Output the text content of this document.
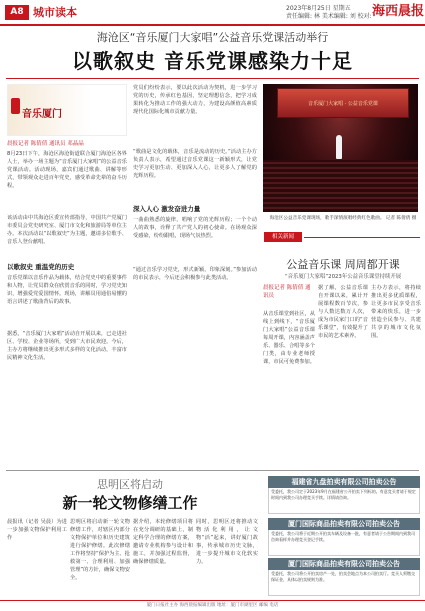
A8 城市读本	2023年8月25日 星期五
责任编辑: 林 美术编辑: 刘 校对: 海西晨报
海沧区“音乐厦门大家唱”公益音乐党课活动举行
以歌叙史 音乐党课感染力十足
音乐厦门
晨报记者 陈倩倩 通讯员 邓晶晶
8月23日下午，海沧区海沧街道联合厦门海沧区各界人士，举办一场主题为“音乐厦门大家唱”的公益音乐党课活动。活动现场，嘉宾们通过歌曲、讲解等形式，带领观众走进百年党史，感受革命先辈的奋斗历程。
该活动由中共海沧区委宣传部指导，中国共产党厦门市委员会党史研究室、厦门市文化和旅游局等单位主办。本次活动以“以歌叙史”为主题，邀请多位歌手、音乐人登台献唱。
以歌叙史 重温党的历史
音乐党课以音乐作品为载体，结合党史中的重要事件和人物，让党员群众在欣赏音乐的同时，学习党史知识，增强爱党爱国情怀。现场，讲解员用通俗易懂的语言讲述了歌曲背后的故事。
据悉，“音乐厦门大家唱”活动自开展以来，已走进社区、学校、企业等场所，受到广大市民欢迎。今后，主办方将继续推出更多形式多样的文化活动，丰富市民精神文化生活。
党员们纷纷表示，要以此次活动为契机，进一步学习党的历史，传承红色基因，坚定理想信念，把学习成果转化为推动工作的强大动力，为建设高颜值高素质现代化国际化城市贡献力量。
“歌曲是文化的载体，音乐是流动的历史。”活动主办方负责人表示，希望通过音乐党课这一新颖形式，让党史学习更加生动、更加深入人心，让更多人了解党的光辉历程。
深入人心 激发奋进力量
一曲曲熟悉的旋律，唱响了党的光辉历程；一个个动人的故事，诠释了共产党人的初心使命。在场观众深受感染，纷纷跟唱，现场气氛热烈。
“通过音乐学习党史，形式新颖，印象深刻。”参加活动的市民表示，今后还会积极参与此类活动。
音乐厦门大家唱 · 公益音乐党课
海沧区公益音乐党课现场，歌手深情演唱经典红色歌曲。 记者 陈倩倩 摄
相关新闻
公益音乐课 周周都开课
“音乐厦门大家唱”2023年公益音乐课堂持续开展
晨报记者 陈倩倩 通讯员
从音乐课堂到社区，从线上到线下，“音乐厦门大家唱”公益音乐课每周开课，内容涵盖声乐、器乐、合唱等多个门类，由专业老师授课，市民可免费参加。
据了解，公益音乐课自开课以来，累计开展课程数百节次，参与人数达数万人次，成为市民家门口的“音乐课堂”，有效提升了市民的艺术素养。
主办方表示，将持续推出更多优质课程，让更多市民享受音乐带来的快乐，进一步营造全民参与、共建共享的城市文化氛围。
思明区将启动
新一轮文物修缮工作
晨报讯（记者 吴晨）为进一步加强文物保护利用工作
思明区将启动新一轮文物修缮工作，对辖区内部分文物保护单位和历史建筑进行保护修缮。此次修缮工作将坚持“保护为主、抢救第一、合理利用、加强管理”的方针，确保文物安全。
据介绍，本轮修缮项目将在充分调研的基础上，制定科学合理的修缮方案，邀请专业机构参与设计和施工，并加强过程监督，确保修缮质量。
同时，思明区还将推动文物活化利用，让文物“活”起来，讲好厦门故事，传承城市历史文脉，进一步提升城市文化软实力。
福建省九盘拍卖有限公司拍卖公告
受委托，我公司定于2023年9月在福建省公开拍卖下列标的。有意竞买者请于规定时间内到我公司办理竞买手续。详情请咨询。
厦门国际商品拍卖有限公司拍卖公告
受委托，我公司将于近期公开拍卖车辆及设备一批，有意者请于公告期间内到我司咨询看样并办理竞买登记手续。
厦门国际商品拍卖有限公司拍卖公告
受委托，我公司将公开拍卖房产一处，拍卖会地点为本公司拍卖厅。竞买人须缴交保证金，具体以拍卖规则为准。
厦门日报社主办 海西晨报编辑出版 地址：厦门市湖里区 邮编 电话
